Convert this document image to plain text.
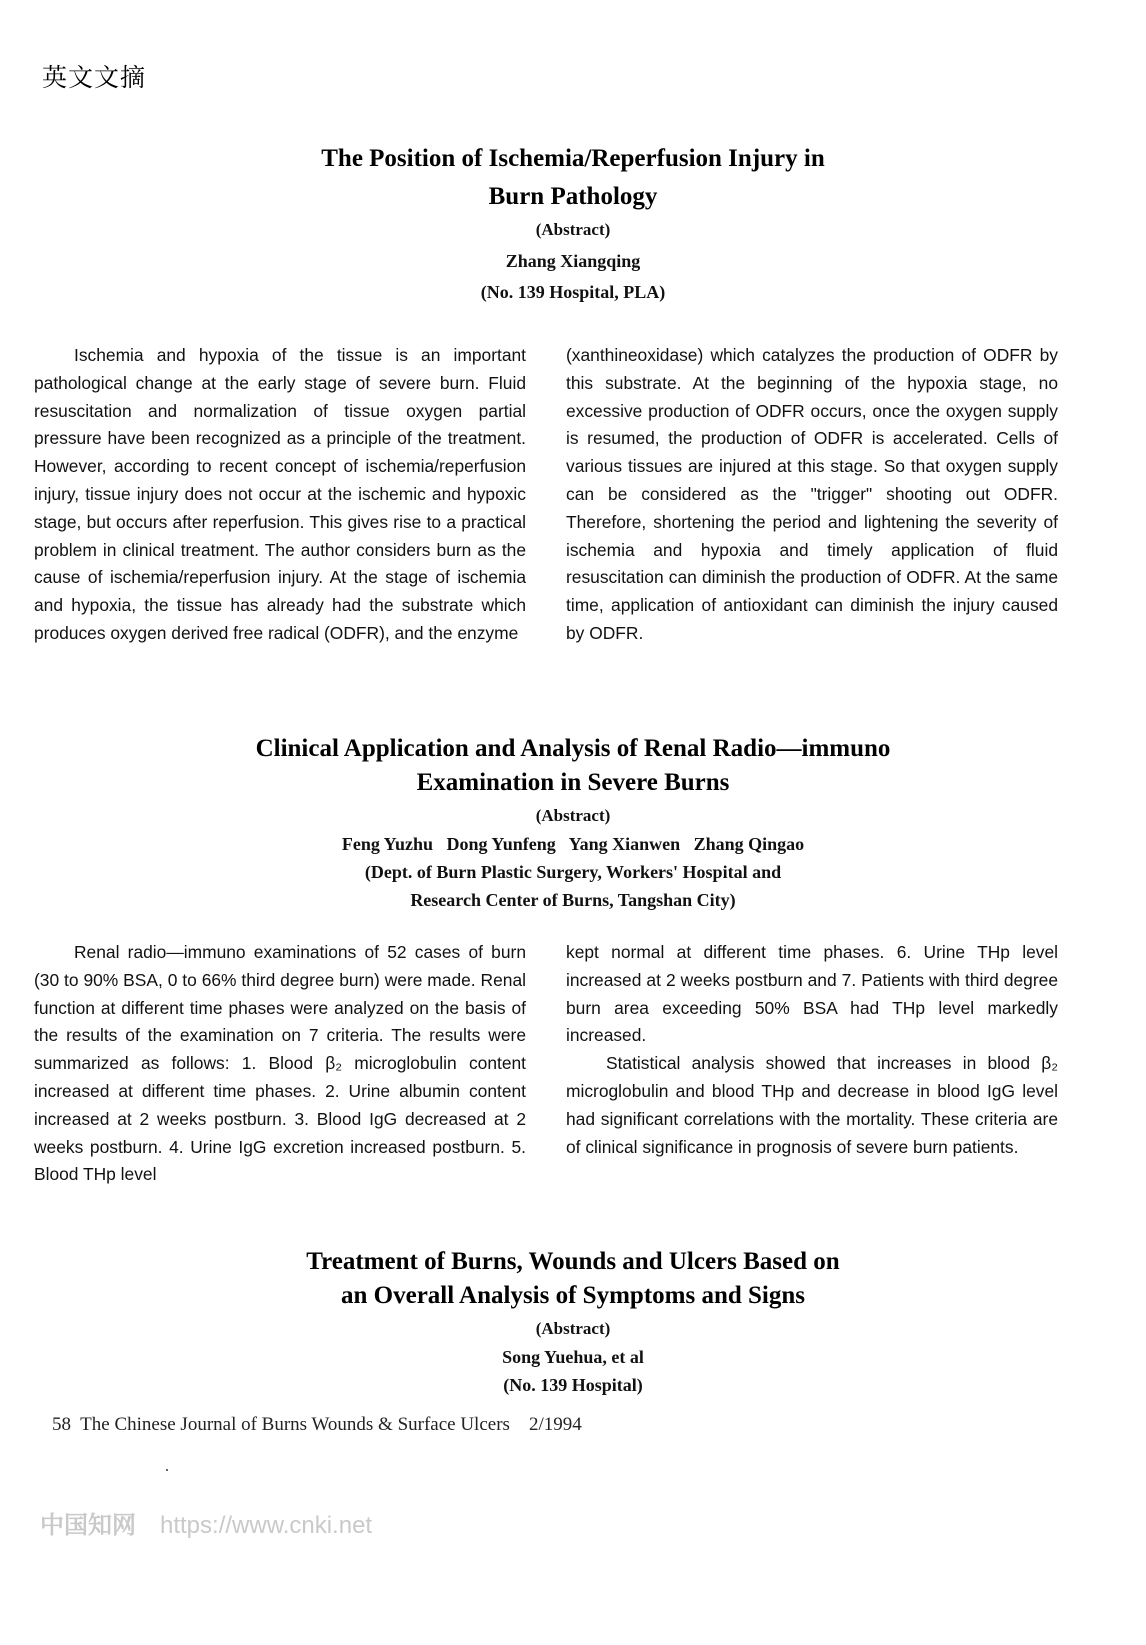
英文文摘

The Position of Ischemia/Reperfusion Injury in

Burn Pathology

(Abstract)

Zhang Xiangqing

(No. 139 Hospital, PLA)

Ischemia and hypoxia of the tissue is an important pathological change at the early stage of severe burn. Fluid resuscitation and normalization of tissue oxygen partial pressure have been recognized as a principle of the treatment. However, according to recent concept of ischemia/reperfusion injury, tissue injury does not occur at the ischemic and hypoxic stage, but occurs after reperfusion. This gives rise to a practical problem in clinical treatment. The author considers burn as the cause of ischemia/reperfusion injury. At the stage of ischemia and hypoxia, the tissue has already had the substrate which produces oxygen derived free radical (ODFR), and the enzyme

(xanthineoxidase) which catalyzes the production of ODFR by this substrate. At the beginning of the hypoxia stage, no excessive production of ODFR occurs, once the oxygen supply is resumed, the production of ODFR is accelerated. Cells of various tissues are injured at this stage. So that oxygen supply can be considered as the "trigger" shooting out ODFR. Therefore, shortening the period and lightening the severity of ischemia and hypoxia and timely application of fluid resuscitation can diminish the production of ODFR. At the same time, application of antioxidant can diminish the injury caused by ODFR.

Clinical Application and Analysis of Renal Radio—immuno

Examination in Severe Burns

(Abstract)

Feng Yuzhu   Dong Yunfeng   Yang Xianwen   Zhang Qingao

(Dept. of Burn Plastic Surgery, Workers' Hospital and

Research Center of Burns, Tangshan City)

Renal radio—immuno examinations of 52 cases of burn (30 to 90% BSA, 0 to 66% third degree burn) were made. Renal function at different time phases were analyzed on the basis of the results of the examination on 7 criteria. The results were summarized as follows: 1. Blood β₂ microglobulin content increased at different time phases. 2. Urine albumin content increased at 2 weeks postburn. 3. Blood IgG decreased at 2 weeks postburn. 4. Urine IgG excretion increased postburn. 5. Blood THp level

kept normal at different time phases. 6. Urine THp level increased at 2 weeks postburn and 7. Patients with third degree burn area exceeding 50% BSA had THp level markedly increased.

Statistical analysis showed that increases in blood β₂ microglobulin and blood THp and decrease in blood IgG level had significant correlations with the mortality. These criteria are of clinical significance in prognosis of severe burn patients.

Treatment of Burns, Wounds and Ulcers Based on

an Overall Analysis of Symptoms and Signs

(Abstract)

Song Yuehua, et al

(No. 139 Hospital)

58 The Chinese Journal of Burns Wounds & Surface Ulcers 2/1994
中国知网 https://www.cnki.net
